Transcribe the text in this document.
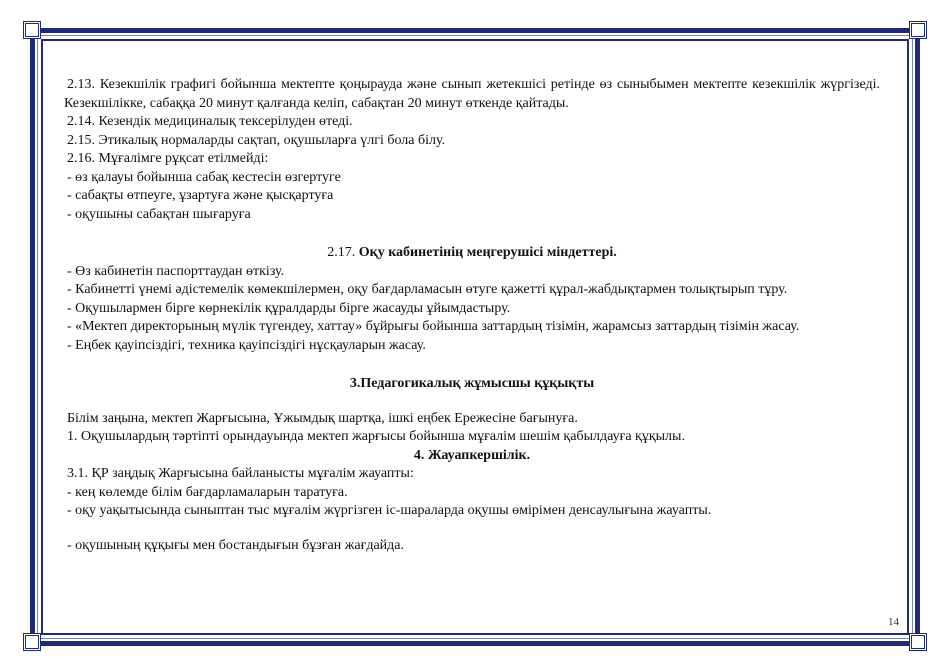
2.13. Кезекшілік графигі бойынша мектепте қоңырауда және сынып жетекшісі ретінде өз сыныбымен мектепте кезекшілік жүргізеді. Кезекшілікке, сабаққа 20 минут қалғанда келіп, сабақтан 20 минут өткенде қайтады.

2.14. Кезендік медициналық тексерілуден өтеді.

2.15. Этикалық нормаларды сақтап, оқушыларға үлгі бола білу.

2.16. Мұғалімге рұқсат етілмейді:

- өз қалауы бойынша сабақ кестесін өзгертуге

- сабақты өтпеуге, ұзартуға және қысқартуға

- оқушыны сабақтан шығаруға

2.17. Оқу кабинетінің меңгерушісі міндеттері.

- Өз кабинетін паспорттаудан өткізу.

- Кабинетті үнемі әдістемелік көмекшілермен, оқу бағдарламасын өтуге қажетті құрал-жабдықтармен толықтырып тұру.

- Оқушылармен бірге көрнекілік құралдарды бірге жасауды ұйымдастыру.

- «Мектеп директорының мүлік түгендеу, хаттау» бұйрығы бойынша заттардың тізімін, жарамсыз заттардың тізімін жасау.

- Еңбек қауіпсіздігі, техника қауіпсіздігі нұсқауларын жасау.

3.Педагогикалық жұмысшы құқықты

Білім заңына, мектеп Жарғысына, Ұжымдық шартқа, ішкі еңбек Ережесіне бағынуға.

1. Оқушылардың тәртіпті орындауында мектеп жарғысы бойынша мұғалім шешім қабылдауға құқылы.

4. Жауапкершілік.

3.1. ҚР заңдық Жарғысына байланысты мұғалім жауапты:

- кең көлемде білім бағдарламаларын таратуға.

- оқу уақытысында сыныптан тыс мұғалім жүргізген іс-шараларда оқушы өмірімен денсаулығына жауапты.

- оқушының құқығы мен бостандығын бұзған жағдайда.

14
